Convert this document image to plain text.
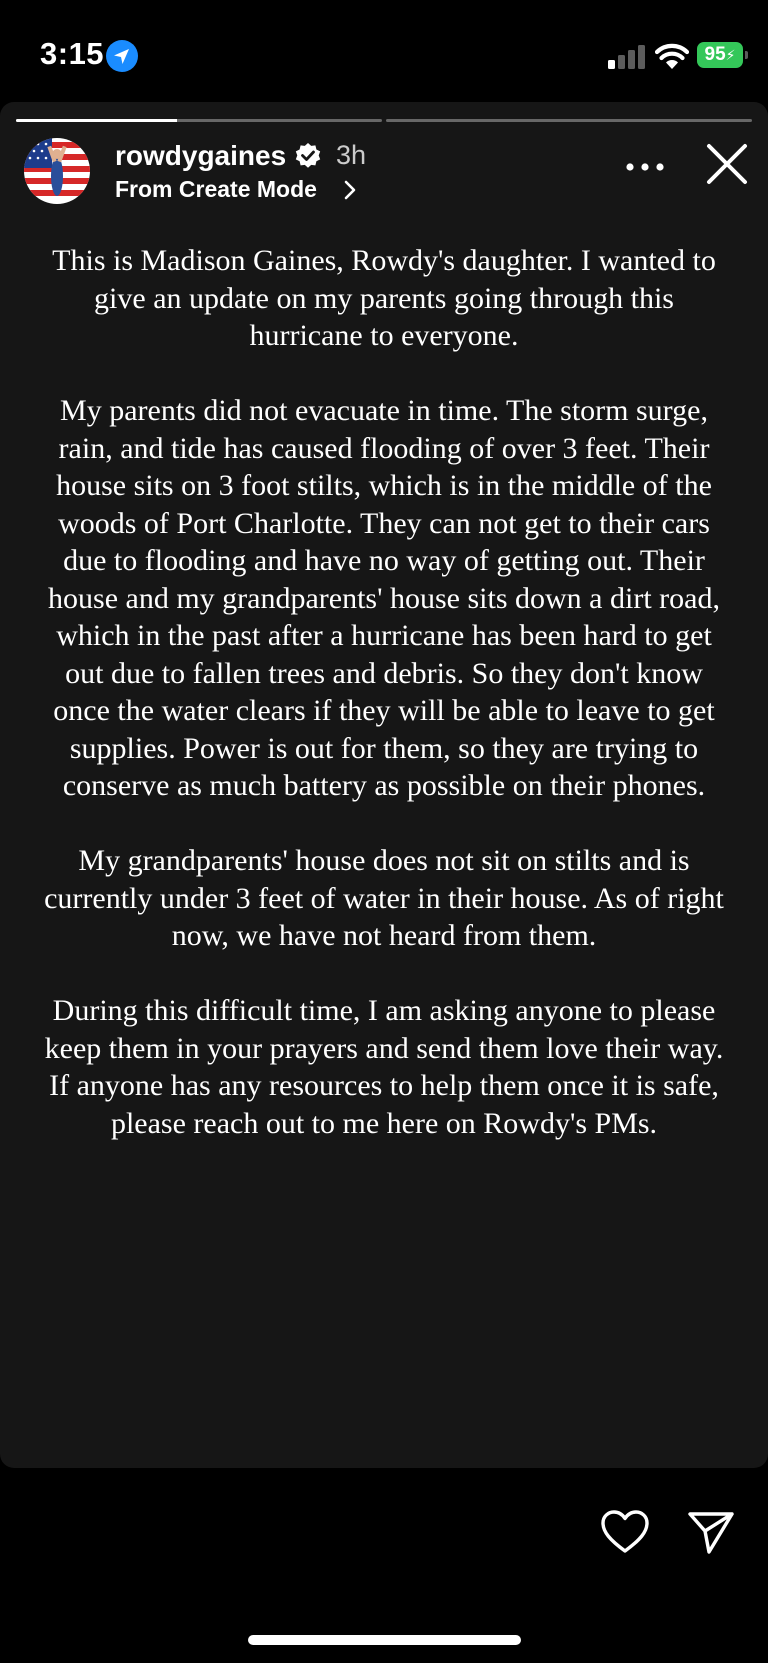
3:15	95⚡
rowdygaines 3h
From Create Mode

This is Madison Gaines, Rowdy's daughter. I wanted to give an update on my parents going through this hurricane to everyone.

My parents did not evacuate in time. The storm surge, rain, and tide has caused flooding of over 3 feet. Their house sits on 3 foot stilts, which is in the middle of the woods of Port Charlotte. They can not get to their cars due to flooding and have no way of getting out. Their house and my grandparents' house sits down a dirt road, which in the past after a hurricane has been hard to get out due to fallen trees and debris. So they don't know once the water clears if they will be able to leave to get supplies. Power is out for them, so they are trying to conserve as much battery as possible on their phones.

My grandparents' house does not sit on stilts and is currently under 3 feet of water in their house. As of right now, we have not heard from them.

During this difficult time, I am asking anyone to please keep them in your prayers and send them love their way. If anyone has any resources to help them once it is safe, please reach out to me here on Rowdy's PMs.
